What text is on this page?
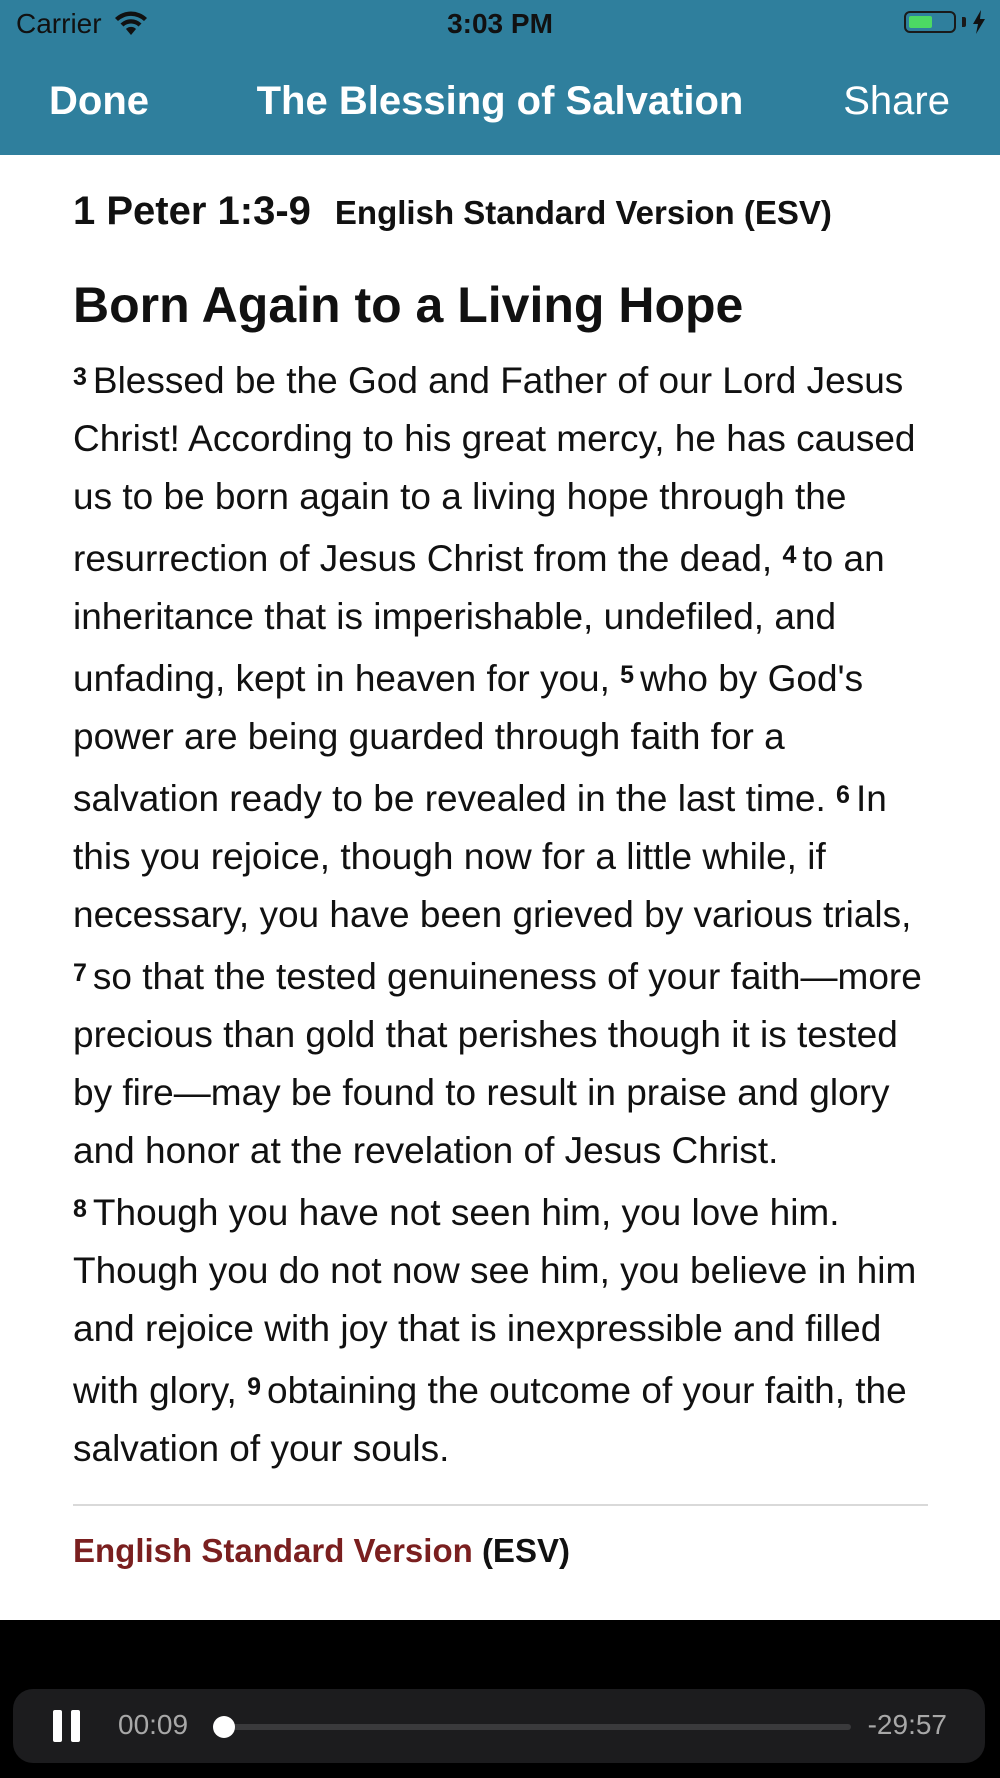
Carrier	3:03 PM
Done	The Blessing of Salvation	Share
1 Peter 1:3-9 English Standard Version (ESV)
Born Again to a Living Hope
$^3$ Blessed be the God and Father of our Lord Jesus Christ! According to his great mercy, he has caused us to be born again to a living hope through the resurrection of Jesus Christ from the dead, $^4$ to an inheritance that is imperishable, undefiled, and unfading, kept in heaven for you, $^5$ who by God's power are being guarded through faith for a salvation ready to be revealed in the last time. $^6$ In this you rejoice, though now for a little while, if necessary, you have been grieved by various trials, $^7$ so that the tested genuineness of your faith—more precious than gold that perishes though it is tested by fire—may be found to result in praise and glory and honor at the revelation of Jesus Christ. $^8$ Though you have not seen him, you love him. Though you do not now see him, you believe in him and rejoice with joy that is inexpressible and filled with glory, $^9$ obtaining the outcome of your faith, the salvation of your souls.
English Standard Version (ESV)
00:09	-29:57
